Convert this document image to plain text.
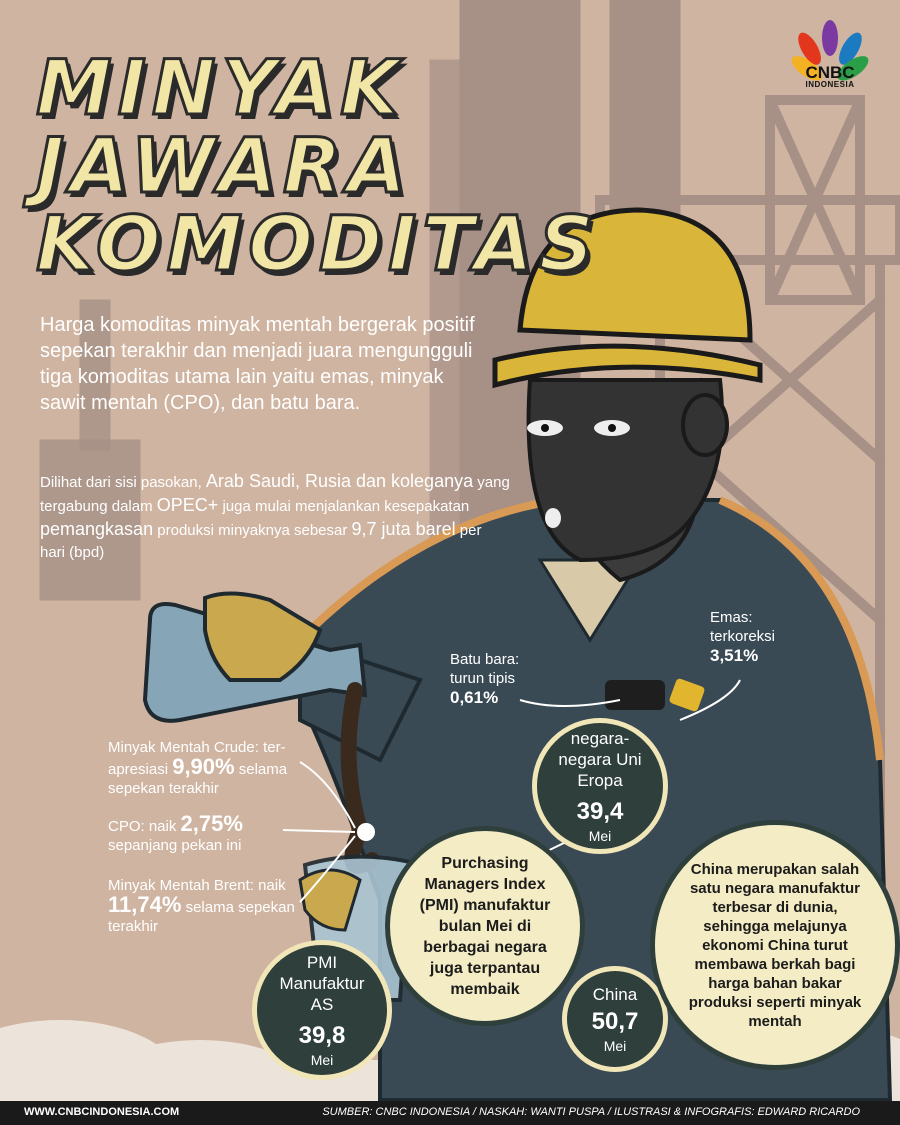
MINYAK
JAWARA
KOMODITAS
CNBC
INDONESIA
Harga komoditas minyak mentah bergerak positif sepekan terakhir dan menjadi juara mengungguli tiga komoditas utama lain yaitu emas, minyak sawit mentah (CPO), dan batu bara.
Dilihat dari sisi pasokan, Arab Saudi, Rusia dan koleganya yang tergabung dalam OPEC+ juga mulai menjalankan kesepakatan pemangkasan produksi minyaknya sebesar 9,7 juta barel per hari (bpd)
Minyak Mentah Crude: ter-apresiasi 9,90% selama sepekan terakhir
CPO: naik 2,75% sepanjang pekan ini
Minyak Mentah Brent: naik 11,74% selama sepekan terakhir
Batu bara: turun tipis
0,61%
Emas: terkoreksi
3,51%
negara-negara Uni Eropa
39,4
Mei
Purchasing Managers Index (PMI) manufaktur bulan Mei di berbagai negara juga terpantau membaik
PMI Manufaktur AS
39,8
Mei
China
50,7
Mei
China merupakan salah satu negara manufaktur terbesar di dunia, sehingga melajunya ekonomi China turut membawa berkah bagi harga bahan bakar produksi seperti minyak mentah
WWW.CNBCINDONESIA.COM	SUMBER: CNBC INDONESIA / NASKAH: WANTI PUSPA / ILUSTRASI & INFOGRAFIS: EDWARD RICARDO
